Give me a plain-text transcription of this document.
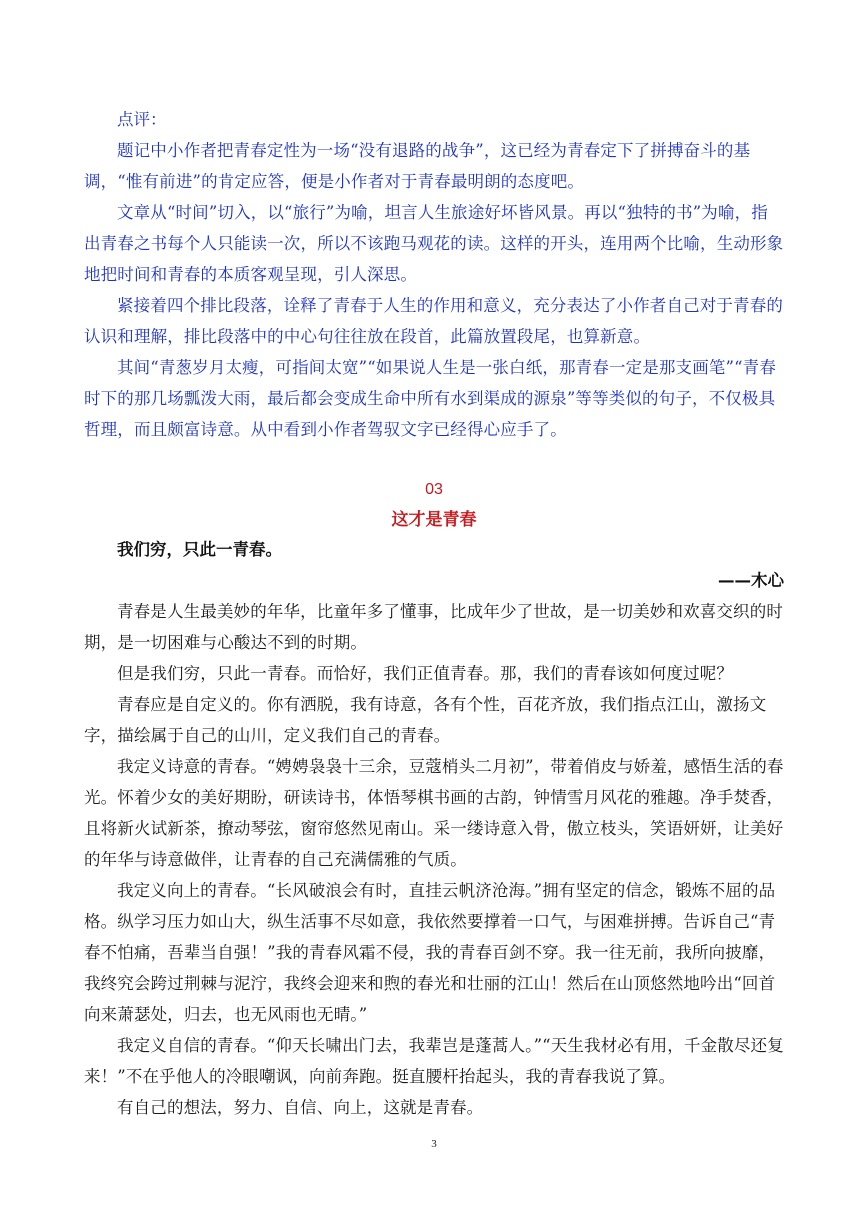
点评：

题记中小作者把青春定性为一场“没有退路的战争”，这已经为青春定下了拼搏奋斗的基调，“惟有前进”的肯定应答，便是小作者对于青春最明朗的态度吧。

文章从“时间”切入，以“旅行”为喻，坦言人生旅途好坏皆风景。再以“独特的书”为喻，指出青春之书每个人只能读一次，所以不该跑马观花的读。这样的开头，连用两个比喻，生动形象地把时间和青春的本质客观呈现，引人深思。

紧接着四个排比段落，诠释了青春于人生的作用和意义，充分表达了小作者自己对于青春的认识和理解，排比段落中的中心句往往放在段首，此篇放置段尾，也算新意。

其间“青葱岁月太瘦，可指间太宽”“如果说人生是一张白纸，那青春一定是那支画笔”“青春时下的那几场瓢泼大雨，最后都会变成生命中所有水到渠成的源泉”等等类似的句子，不仅极具哲理，而且颇富诗意。从中看到小作者驾驭文字已经得心应手了。

03
这才是青春

我们穷，只此一青春。

——木心

青春是人生最美妙的年华，比童年多了懂事，比成年少了世故，是一切美妙和欢喜交织的时期，是一切困难与心酸达不到的时期。

但是我们穷，只此一青春。而恰好，我们正值青春。那，我们的青春该如何度过呢？

青春应是自定义的。你有洒脱，我有诗意，各有个性，百花齐放，我们指点江山，激扬文字，描绘属于自己的山川，定义我们自己的青春。

我定义诗意的青春。“娉娉袅袅十三余，豆蔻梢头二月初”，带着俏皮与娇羞，感悟生活的春光。怀着少女的美好期盼，研读诗书，体悟琴棋书画的古韵，钟情雪月风花的雅趣。净手焚香，且将新火试新茶，撩动琴弦，窗帘悠然见南山。采一缕诗意入骨，傲立枝头，笑语妍妍，让美好的年华与诗意做伴，让青春的自己充满儒雅的气质。

我定义向上的青春。“长风破浪会有时，直挂云帆济沧海。”拥有坚定的信念，锻炼不屈的品格。纵学习压力如山大，纵生活事不尽如意，我依然要撑着一口气，与困难拼搏。告诉自己“青春不怕痛，吾辈当自强！”我的青春风霜不侵，我的青春百剑不穿。我一往无前，我所向披靡，我终究会跨过荆棘与泥泞，我终会迎来和煦的春光和壮丽的江山！然后在山顶悠然地吟出“回首向来萧瑟处，归去，也无风雨也无晴。”

我定义自信的青春。“仰天长啸出门去，我辈岂是蓬蒿人。”“天生我材必有用，千金散尽还复来！”不在乎他人的冷眼嘲讽，向前奔跑。挺直腰杆抬起头，我的青春我说了算。

有自己的想法，努力、自信、向上，这就是青春。

3
